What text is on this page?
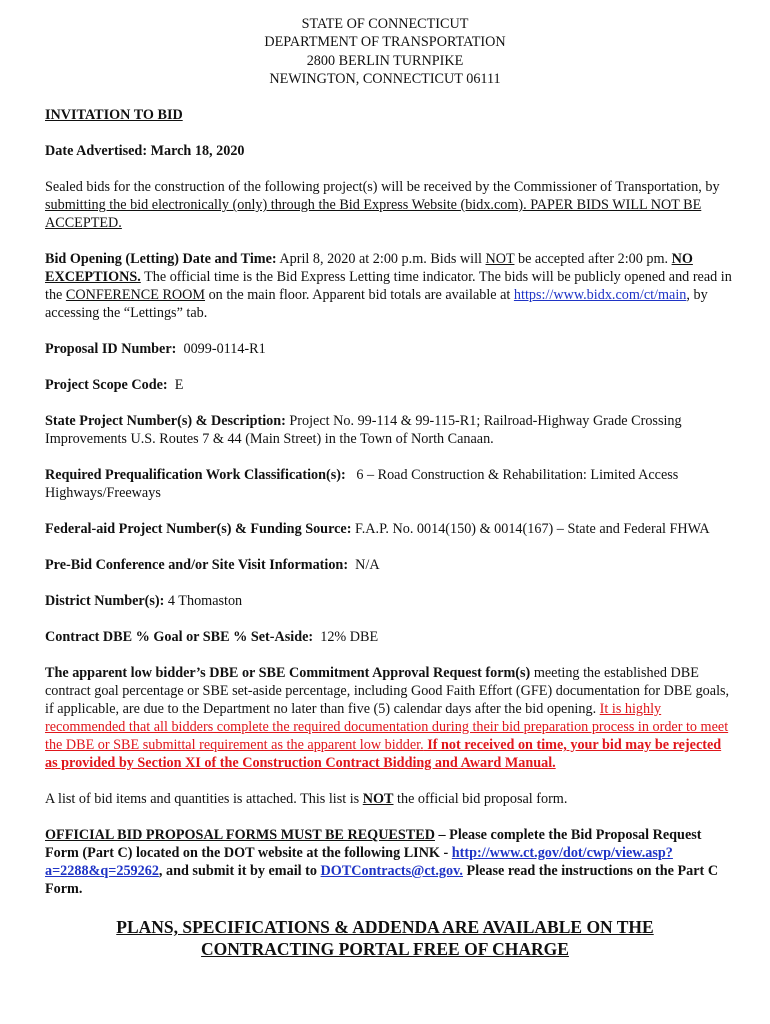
STATE OF CONNECTICUT
DEPARTMENT OF TRANSPORTATION
2800 BERLIN TURNPIKE
NEWINGTON, CONNECTICUT 06111

INVITATION TO BID

Date Advertised: March 18, 2020

Sealed bids for the construction of the following project(s) will be received by the Commissioner of Transportation, by submitting the bid electronically (only) through the Bid Express Website (bidx.com). PAPER BIDS WILL NOT BE ACCEPTED.

Bid Opening (Letting) Date and Time: April 8, 2020 at 2:00 p.m. Bids will NOT be accepted after 2:00 pm. NO EXCEPTIONS. The official time is the Bid Express Letting time indicator. The bids will be publicly opened and read in the CONFERENCE ROOM on the main floor. Apparent bid totals are available at https://www.bidx.com/ct/main, by accessing the “Lettings” tab.

Proposal ID Number:  0099-0114-R1

Project Scope Code:  E

State Project Number(s) & Description: Project No. 99-114 & 99-115-R1; Railroad-Highway Grade Crossing Improvements U.S. Routes 7 & 44 (Main Street) in the Town of North Canaan.

Required Prequalification Work Classification(s):   6 – Road Construction & Rehabilitation: Limited Access Highways/Freeways

Federal-aid Project Number(s) & Funding Source: F.A.P. No. 0014(150) & 0014(167) – State and Federal FHWA

Pre-Bid Conference and/or Site Visit Information:  N/A

District Number(s): 4 Thomaston

Contract DBE % Goal or SBE % Set-Aside:  12% DBE

The apparent low bidder’s DBE or SBE Commitment Approval Request form(s) meeting the established DBE contract goal percentage or SBE set-aside percentage, including Good Faith Effort (GFE) documentation for DBE goals, if applicable, are due to the Department no later than five (5) calendar days after the bid opening. It is highly recommended that all bidders complete the required documentation during their bid preparation process in order to meet the DBE or SBE submittal requirement as the apparent low bidder. If not received on time, your bid may be rejected as provided by Section XI of the Construction Contract Bidding and Award Manual.

A list of bid items and quantities is attached. This list is NOT the official bid proposal form.

OFFICIAL BID PROPOSAL FORMS MUST BE REQUESTED – Please complete the Bid Proposal Request Form (Part C) located on the DOT website at the following LINK - http://www.ct.gov/dot/cwp/view.asp?a=2288&q=259262, and submit it by email to DOTContracts@ct.gov. Please read the instructions on the Part C Form.

PLANS, SPECIFICATIONS & ADDENDA ARE AVAILABLE ON THE
CONTRACTING PORTAL FREE OF CHARGE
